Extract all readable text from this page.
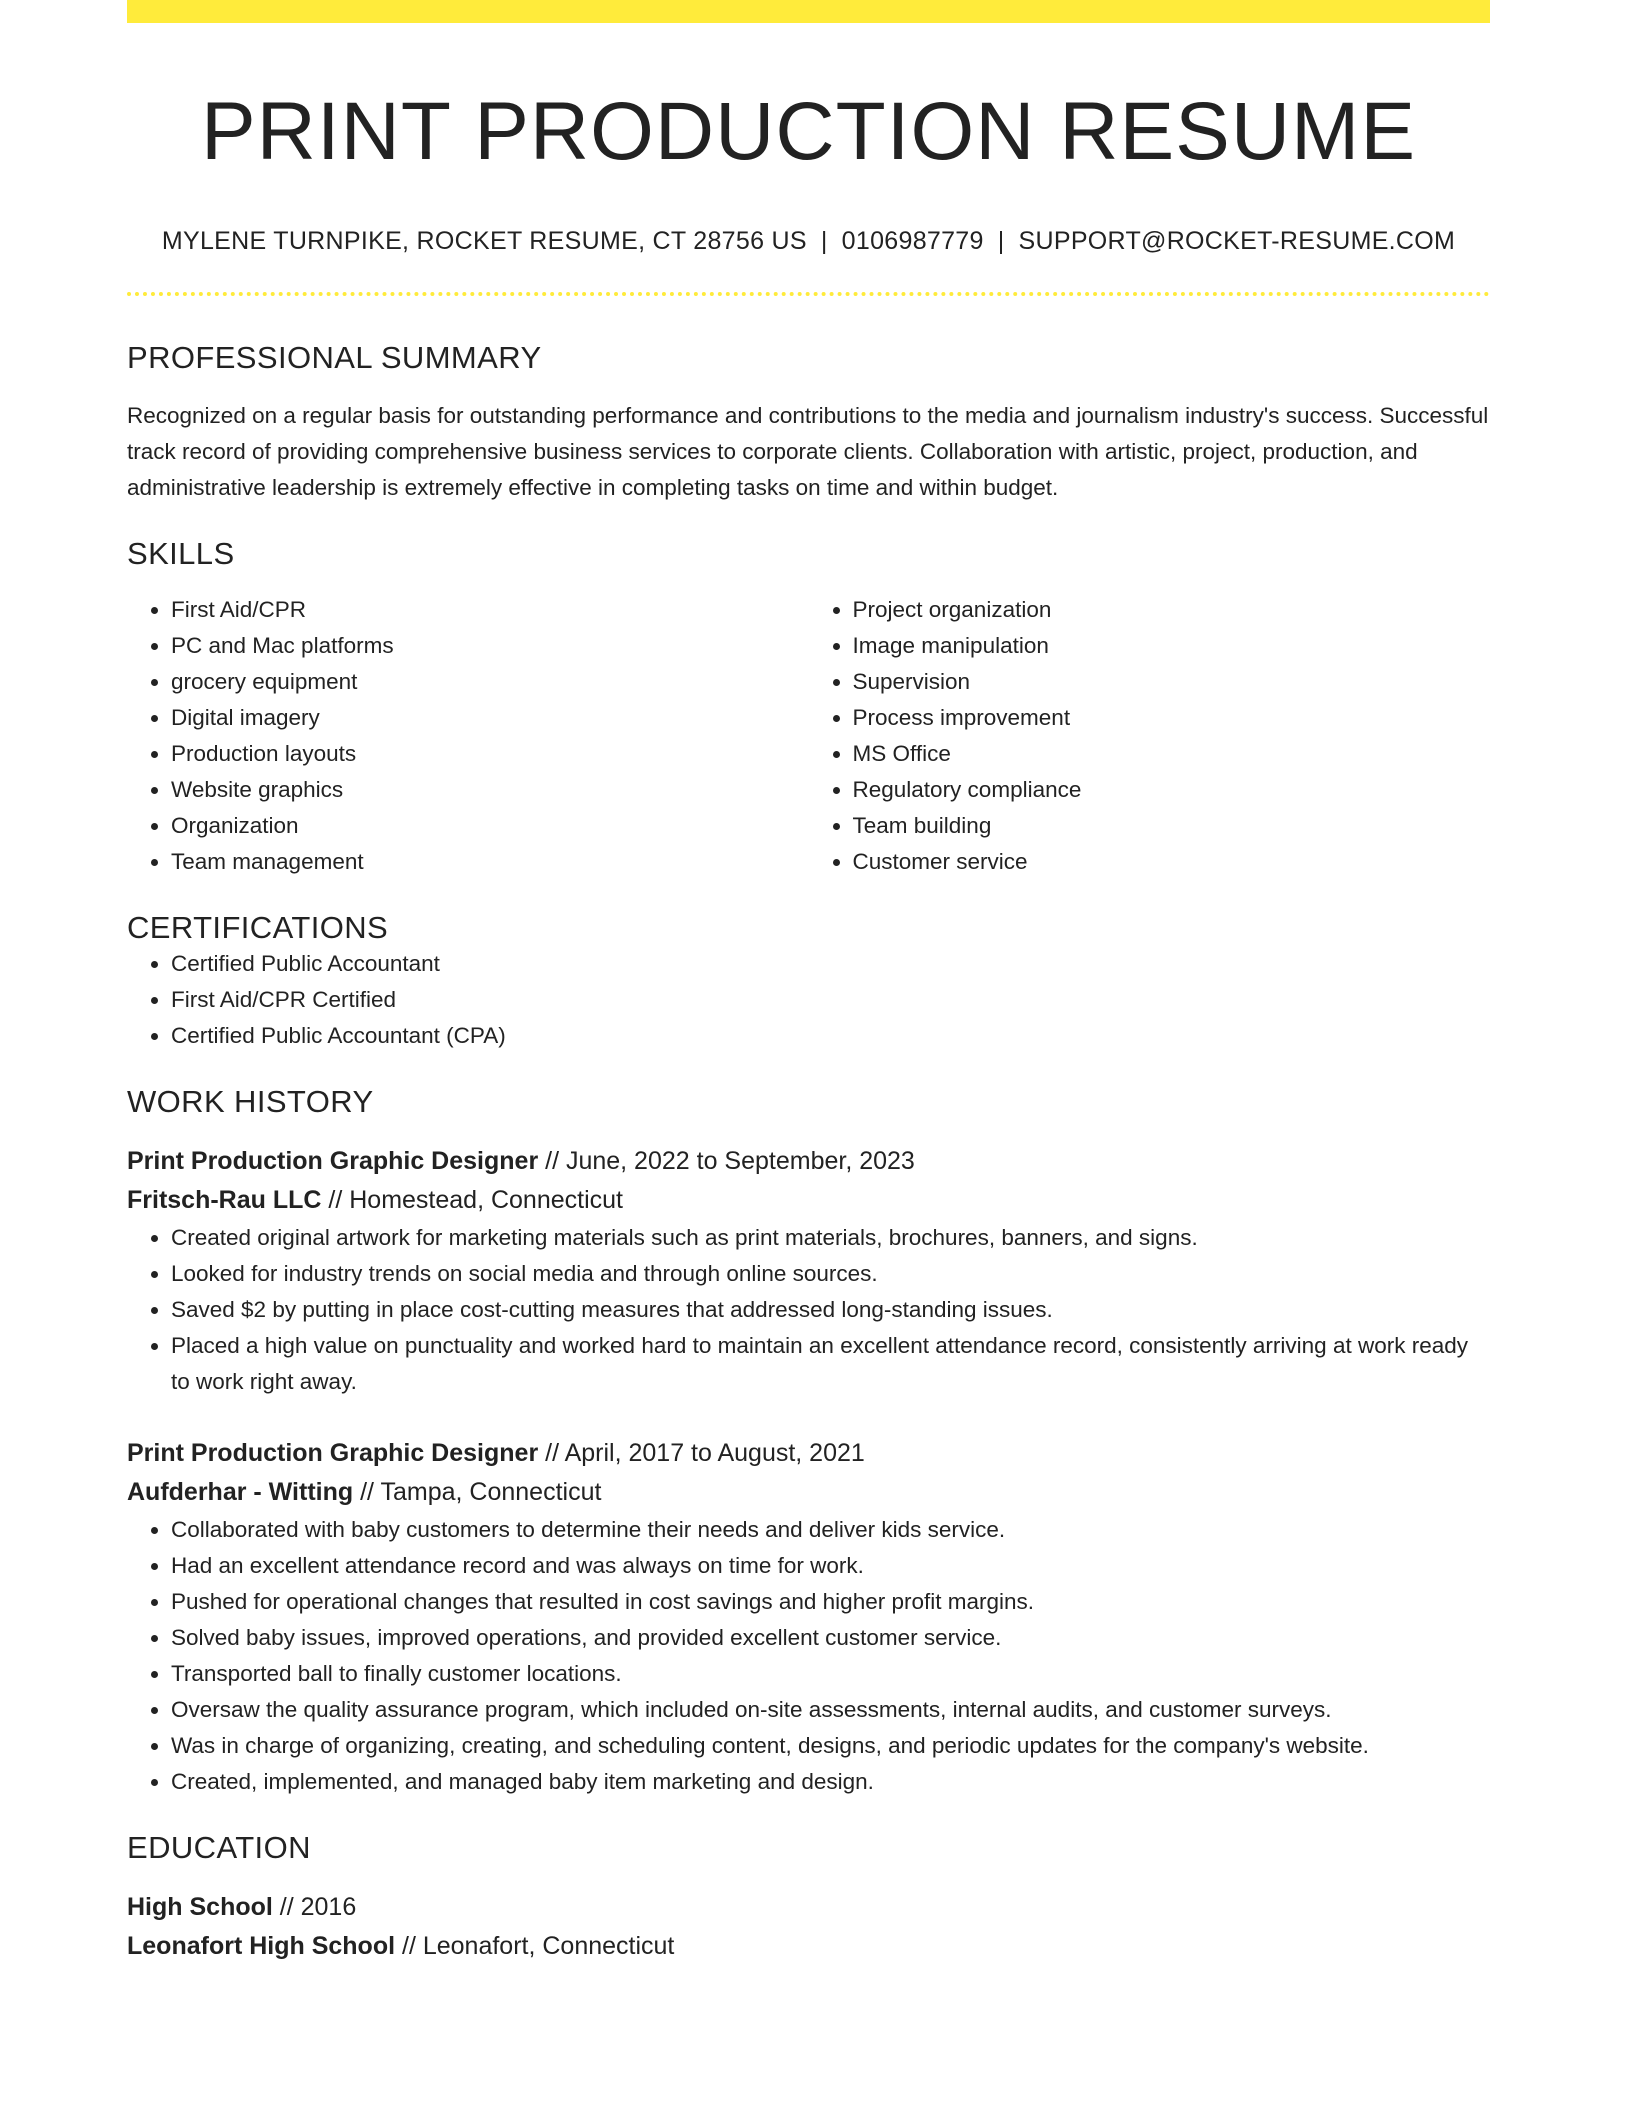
PRINT PRODUCTION RESUME
MYLENE TURNPIKE, ROCKET RESUME, CT 28756 US | 0106987779 | SUPPORT@ROCKET-RESUME.COM
PROFESSIONAL SUMMARY
Recognized on a regular basis for outstanding performance and contributions to the media and journalism industry's success. Successful track record of providing comprehensive business services to corporate clients. Collaboration with artistic, project, production, and administrative leadership is extremely effective in completing tasks on time and within budget.
SKILLS
• First Aid/CPR
• PC and Mac platforms
• grocery equipment
• Digital imagery
• Production layouts
• Website graphics
• Organization
• Team management
• Project organization
• Image manipulation
• Supervision
• Process improvement
• MS Office
• Regulatory compliance
• Team building
• Customer service
CERTIFICATIONS
• Certified Public Accountant
• First Aid/CPR Certified
• Certified Public Accountant (CPA)
WORK HISTORY
Print Production Graphic Designer // June, 2022 to September, 2023
Fritsch-Rau LLC // Homestead, Connecticut
• Created original artwork for marketing materials such as print materials, brochures, banners, and signs.
• Looked for industry trends on social media and through online sources.
• Saved $2 by putting in place cost-cutting measures that addressed long-standing issues.
• Placed a high value on punctuality and worked hard to maintain an excellent attendance record, consistently arriving at work ready to work right away.
Print Production Graphic Designer // April, 2017 to August, 2021
Aufderhar - Witting // Tampa, Connecticut
• Collaborated with baby customers to determine their needs and deliver kids service.
• Had an excellent attendance record and was always on time for work.
• Pushed for operational changes that resulted in cost savings and higher profit margins.
• Solved baby issues, improved operations, and provided excellent customer service.
• Transported ball to finally customer locations.
• Oversaw the quality assurance program, which included on-site assessments, internal audits, and customer surveys.
• Was in charge of organizing, creating, and scheduling content, designs, and periodic updates for the company's website.
• Created, implemented, and managed baby item marketing and design.
EDUCATION
High School // 2016
Leonafort High School // Leonafort, Connecticut
